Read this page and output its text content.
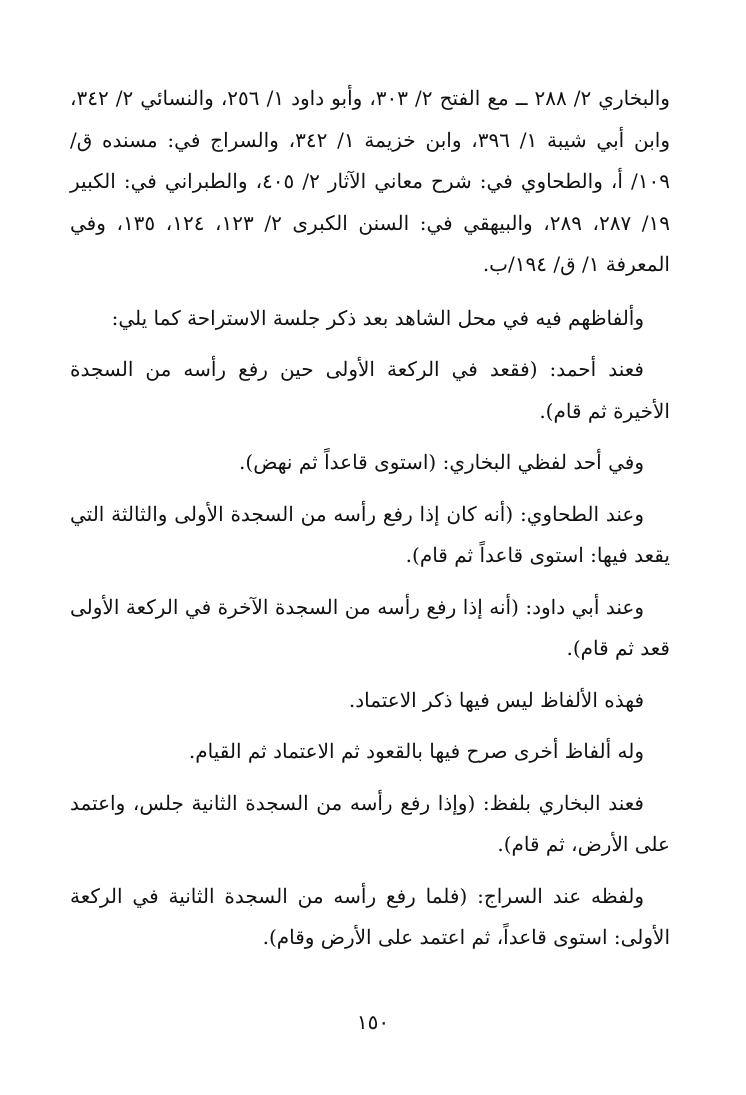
والبخاري ٢/ ٢٨٨ ــ مع الفتح ٢/ ٣٠٣، وأبو داود ١/ ٢٥٦، والنسائي ٢/ ٣٤٢، وابن أبي شيبة ١/ ٣٩٦، وابن خزيمة ١/ ٣٤٢، والسراج في: مسنده ق/ ١٠٩/ أ، والطحاوي في: شرح معاني الآثار ٢/ ٤٠٥، والطبراني في: الكبير ١٩/ ٢٨٧، ٢٨٩، والبيهقي في: السنن الكبرى ٢/ ١٢٣، ١٢٤، ١٣٥، وفي المعرفة ١/ ق/ ١٩٤/ب.

وألفاظهم فيه في محل الشاهد بعد ذكر جلسة الاستراحة كما يلي:

فعند أحمد: (فقعد في الركعة الأولى حين رفع رأسه من السجدة الأخيرة ثم قام).

وفي أحد لفظي البخاري: (استوى قاعداً ثم نهض).

وعند الطحاوي: (أنه كان إذا رفع رأسه من السجدة الأولى والثالثة التي يقعد فيها: استوى قاعداً ثم قام).

وعند أبي داود: (أنه إذا رفع رأسه من السجدة الآخرة في الركعة الأولى قعد ثم قام).

فهذه الألفاظ ليس فيها ذكر الاعتماد.

وله ألفاظ أخرى صرح فيها بالقعود ثم الاعتماد ثم القيام.

فعند البخاري بلفظ: (وإذا رفع رأسه من السجدة الثانية جلس، واعتمد على الأرض، ثم قام).

ولفظه عند السراج: (فلما رفع رأسه من السجدة الثانية في الركعة الأولى: استوى قاعداً، ثم اعتمد على الأرض وقام).

١٥٠
